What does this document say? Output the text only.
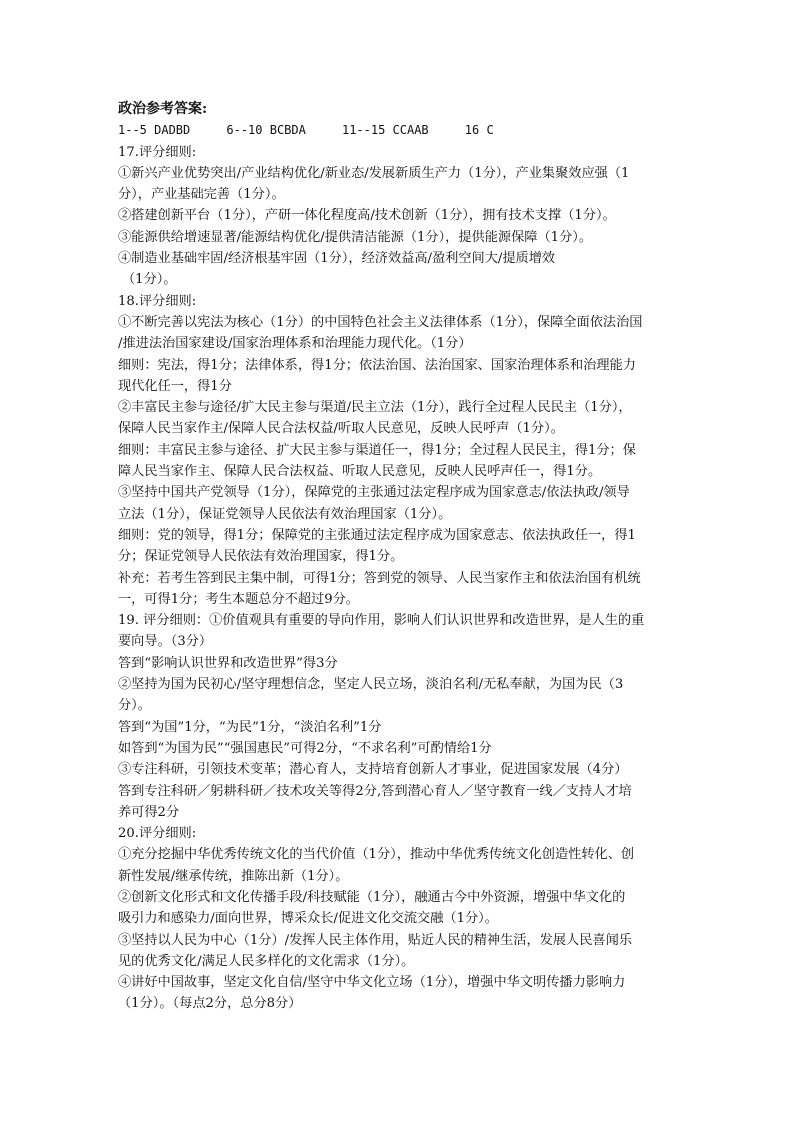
政治参考答案:

1--5 DADBD     6--10 BCBDA     11--15 CCAAB     16 C

17.评分细则:

①新兴产业优势突出/产业结构优化/新业态/发展新质生产力（1分），产业集聚效应强（1

分），产业基础完善（1分）。

②搭建创新平台（1分），产研一体化程度高/技术创新（1分），拥有技术支撑（1分）。

③能源供给增速显著/能源结构优化/提供清洁能源（1分），提供能源保障（1分）。

④制造业基础牢固/经济根基牢固（1分），经济效益高/盈利空间大/提质增效

（1分）。

18.评分细则:

①不断完善以宪法为核心（1分）的中国特色社会主义法律体系（1分），保障全面依法治国

/推进法治国家建设/国家治理体系和治理能力现代化。（1分）

细则：宪法，得1分；法律体系，得1分；依法治国、法治国家、国家治理体系和治理能力

现代化任一，得1分

②丰富民主参与途径/扩大民主参与渠道/民主立法（1分），践行全过程人民民主（1分），

保障人民当家作主/保障人民合法权益/听取人民意见，反映人民呼声（1分）。

细则：丰富民主参与途径、扩大民主参与渠道任一，得1分；全过程人民民主，得1分；保

障人民当家作主、保障人民合法权益、听取人民意见，反映人民呼声任一，得1分。

③坚持中国共产党领导（1分），保障党的主张通过法定程序成为国家意志/依法执政/领导

立法（1分），保证党领导人民依法有效治理国家（1分）。

细则：党的领导，得1分；保障党的主张通过法定程序成为国家意志、依法执政任一，得1

分；保证党领导人民依法有效治理国家，得1分。

补充：若考生答到民主集中制，可得1分；答到党的领导、人民当家作主和依法治国有机统

一，可得1分；考生本题总分不超过9分。

19. 评分细则：①价值观具有重要的导向作用，影响人们认识世界和改造世界，是人生的重

要向导。（3分）

答到“影响认识世界和改造世界”得3分

②坚持为国为民初心/坚守理想信念，坚定人民立场，淡泊名利/无私奉献，为国为民（3

分）。

答到“为国”1分，“为民”1分，“淡泊名利”1分

如答到“为国为民”“强国惠民”可得2分，“不求名利”可酌情给1分

③专注科研，引领技术变革；潜心育人，支持培育创新人才事业，促进国家发展（4分）

答到专注科研／躬耕科研／技术攻关等得2分,答到潜心育人／坚守教育一线／支持人才培

养可得2分

20.评分细则:

①充分挖掘中华优秀传统文化的当代价值（1分），推动中华优秀传统文化创造性转化、创

新性发展/继承传统，推陈出新（1分）。

②创新文化形式和文化传播手段/科技赋能（1分），融通古今中外资源，增强中华文化的

吸引力和感染力/面向世界，博采众长/促进文化交流交融（1分）。

③坚持以人民为中心（1分）/发挥人民主体作用，贴近人民的精神生活，发展人民喜闻乐

见的优秀文化/满足人民多样化的文化需求（1分）。

④讲好中国故事，坚定文化自信/坚守中华文化立场（1分），增强中华文明传播力影响力

（1分）。（每点2分，总分8分）
